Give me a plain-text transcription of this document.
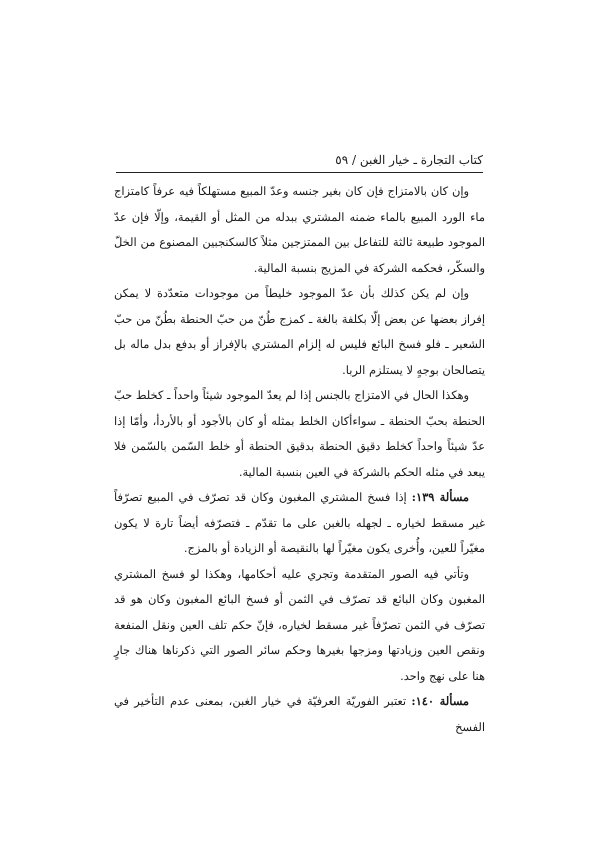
كتاب التجارة ـ خيار الغبن / ٥٩

وإن كان بالامتزاج فإن كان بغير جنسه وعدّ المبيع مستهلكاً فيه عرفاً كامتزاج ماء الورد المبيع بالماء ضمنه المشتري ببدله من المثل أو القيمة، وإلّا فإن عدّ الموجود طبيعة ثالثة للتفاعل بين الممتزجين مثلاً كالسكنجبين المصنوع من الخلّ والسكّر، فحكمه الشركة في المزيج بنسبة المالية.

وإن لم يكن كذلك بأن عدّ الموجود خليطاً من موجودات متعدّدة لا يمكن إفراز بعضها عن بعض إلّا بكلفة بالغة ـ كمزج طُنّ من حبّ الحنطة بطُنّ من حبّ الشعير ـ فلو فسخ البائع فليس له إلزام المشتري بالإفراز أو بدفع بدل ماله بل يتصالحان بوجهٍ لا يستلزم الربا.

وهكذا الحال في الامتزاج بالجنس إذا لم يعدّ الموجود شيئاً واحداً ـ كخلط حبّ الحنطة بحبّ الحنطة ـ سواءأكان الخلط بمثله أو كان بالأجود أو بالأردأ، وأمّا إذا عدّ شيئاً واحداً كخلط دقيق الحنطة بدقيق الحنطة أو خلط السّمن بالسّمن فلا يبعد في مثله الحكم بالشركة في العين بنسبة المالية.

مسألة ١٣٩: إذا فسخ المشتري المغبون وكان قد تصرّف في المبيع تصرّفاً غير مسقط لخياره ـ لجهله بالغبن على ما تقدّم ـ فتصرّفه أيضاً تارة لا يكون مغيّراً للعين، وأُخرى يكون مغيّراً لها بالنقيصة أو الزيادة أو بالمزج.

وتأتي فيه الصور المتقدمة وتجري عليه أحكامها، وهكذا لو فسخ المشتري المغبون وكان البائع قد تصرّف في الثمن أو فسخ البائع المغبون وكان هو قد تصرّف في الثمن تصرّفاً غير مسقط لخياره، فإنّ حكم تلف العين ونقل المنفعة ونقص العين وزيادتها ومزجها بغيرها وحكم سائر الصور التي ذكرناها هناك جارٍ هنا على نهج واحد.

مسألة ١٤٠: تعتبر الفوريّة العرفيّة في خيار الغبن، بمعنى عدم التأخير في الفسخ
